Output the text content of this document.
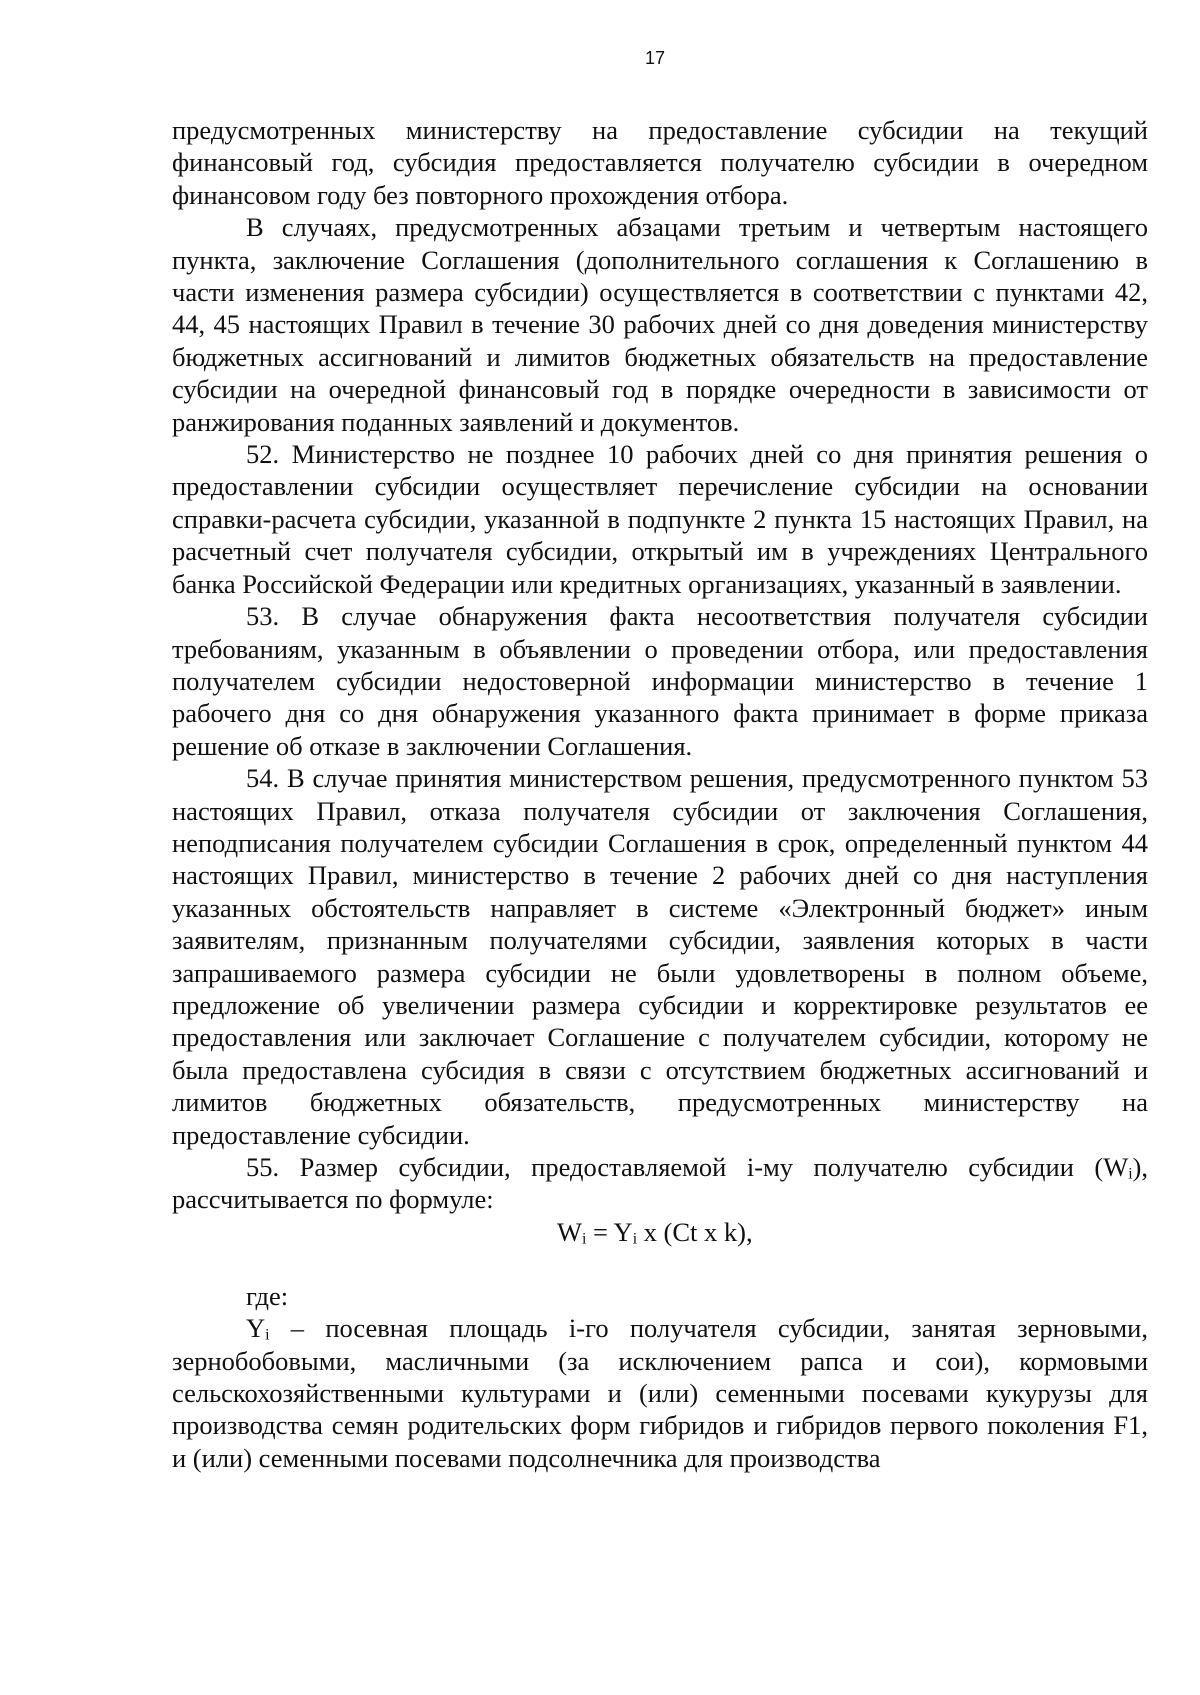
17

предусмотренных министерству на предоставление субсидии на текущий финансовый год, субсидия предоставляется получателю субсидии в очередном финансовом году без повторного прохождения отбора.

В случаях, предусмотренных абзацами третьим и четвертым настоящего пункта, заключение Соглашения (дополнительного соглашения к Соглашению в части изменения размера субсидии) осуществляется в соответствии с пунктами 42, 44, 45 настоящих Правил в течение 30 рабочих дней со дня доведения министерству бюджетных ассигнований и лимитов бюджетных обязательств на предоставление субсидии на очередной финансовый год в порядке очередности в зависимости от ранжирования поданных заявлений и документов.

52. Министерство не позднее 10 рабочих дней со дня принятия решения о предоставлении субсидии осуществляет перечисление субсидии на основании справки-расчета субсидии, указанной в подпункте 2 пункта 15 настоящих Правил, на расчетный счет получателя субсидии, открытый им в учреждениях Центрального банка Российской Федерации или кредитных организациях, указанный в заявлении.

53. В случае обнаружения факта несоответствия получателя субсидии требованиям, указанным в объявлении о проведении отбора, или предоставления получателем субсидии недостоверной информации министерство в течение 1 рабочего дня со дня обнаружения указанного факта принимает в форме приказа решение об отказе в заключении Соглашения.

54. В случае принятия министерством решения, предусмотренного пунктом 53 настоящих Правил, отказа получателя субсидии от заключения Соглашения, неподписания получателем субсидии Соглашения в срок, определенный пунктом 44 настоящих Правил, министерство в течение 2 рабочих дней со дня наступления указанных обстоятельств направляет в системе «Электронный бюджет» иным заявителям, признанным получателями субсидии, заявления которых в части запрашиваемого размера субсидии не были удовлетворены в полном объеме, предложение об увеличении размера субсидии и корректировке результатов ее предоставления или заключает Соглашение с получателем субсидии, которому не была предоставлена субсидия в связи с отсутствием бюджетных ассигнований и лимитов бюджетных обязательств, предусмотренных министерству на предоставление субсидии.

55. Размер субсидии, предоставляемой i-му получателю субсидии (Wᵢ), рассчитывается по формуле:

Wᵢ = Yᵢ x (Ct x k),

где:

Yᵢ – посевная площадь i-го получателя субсидии, занятая зерновыми, зернобобовыми, масличными (за исключением рапса и сои), кормовыми сельскохозяйственными культурами и (или) семенными посевами кукурузы для производства семян родительских форм гибридов и гибридов первого поколения F1, и (или) семенными посевами подсолнечника для производства
